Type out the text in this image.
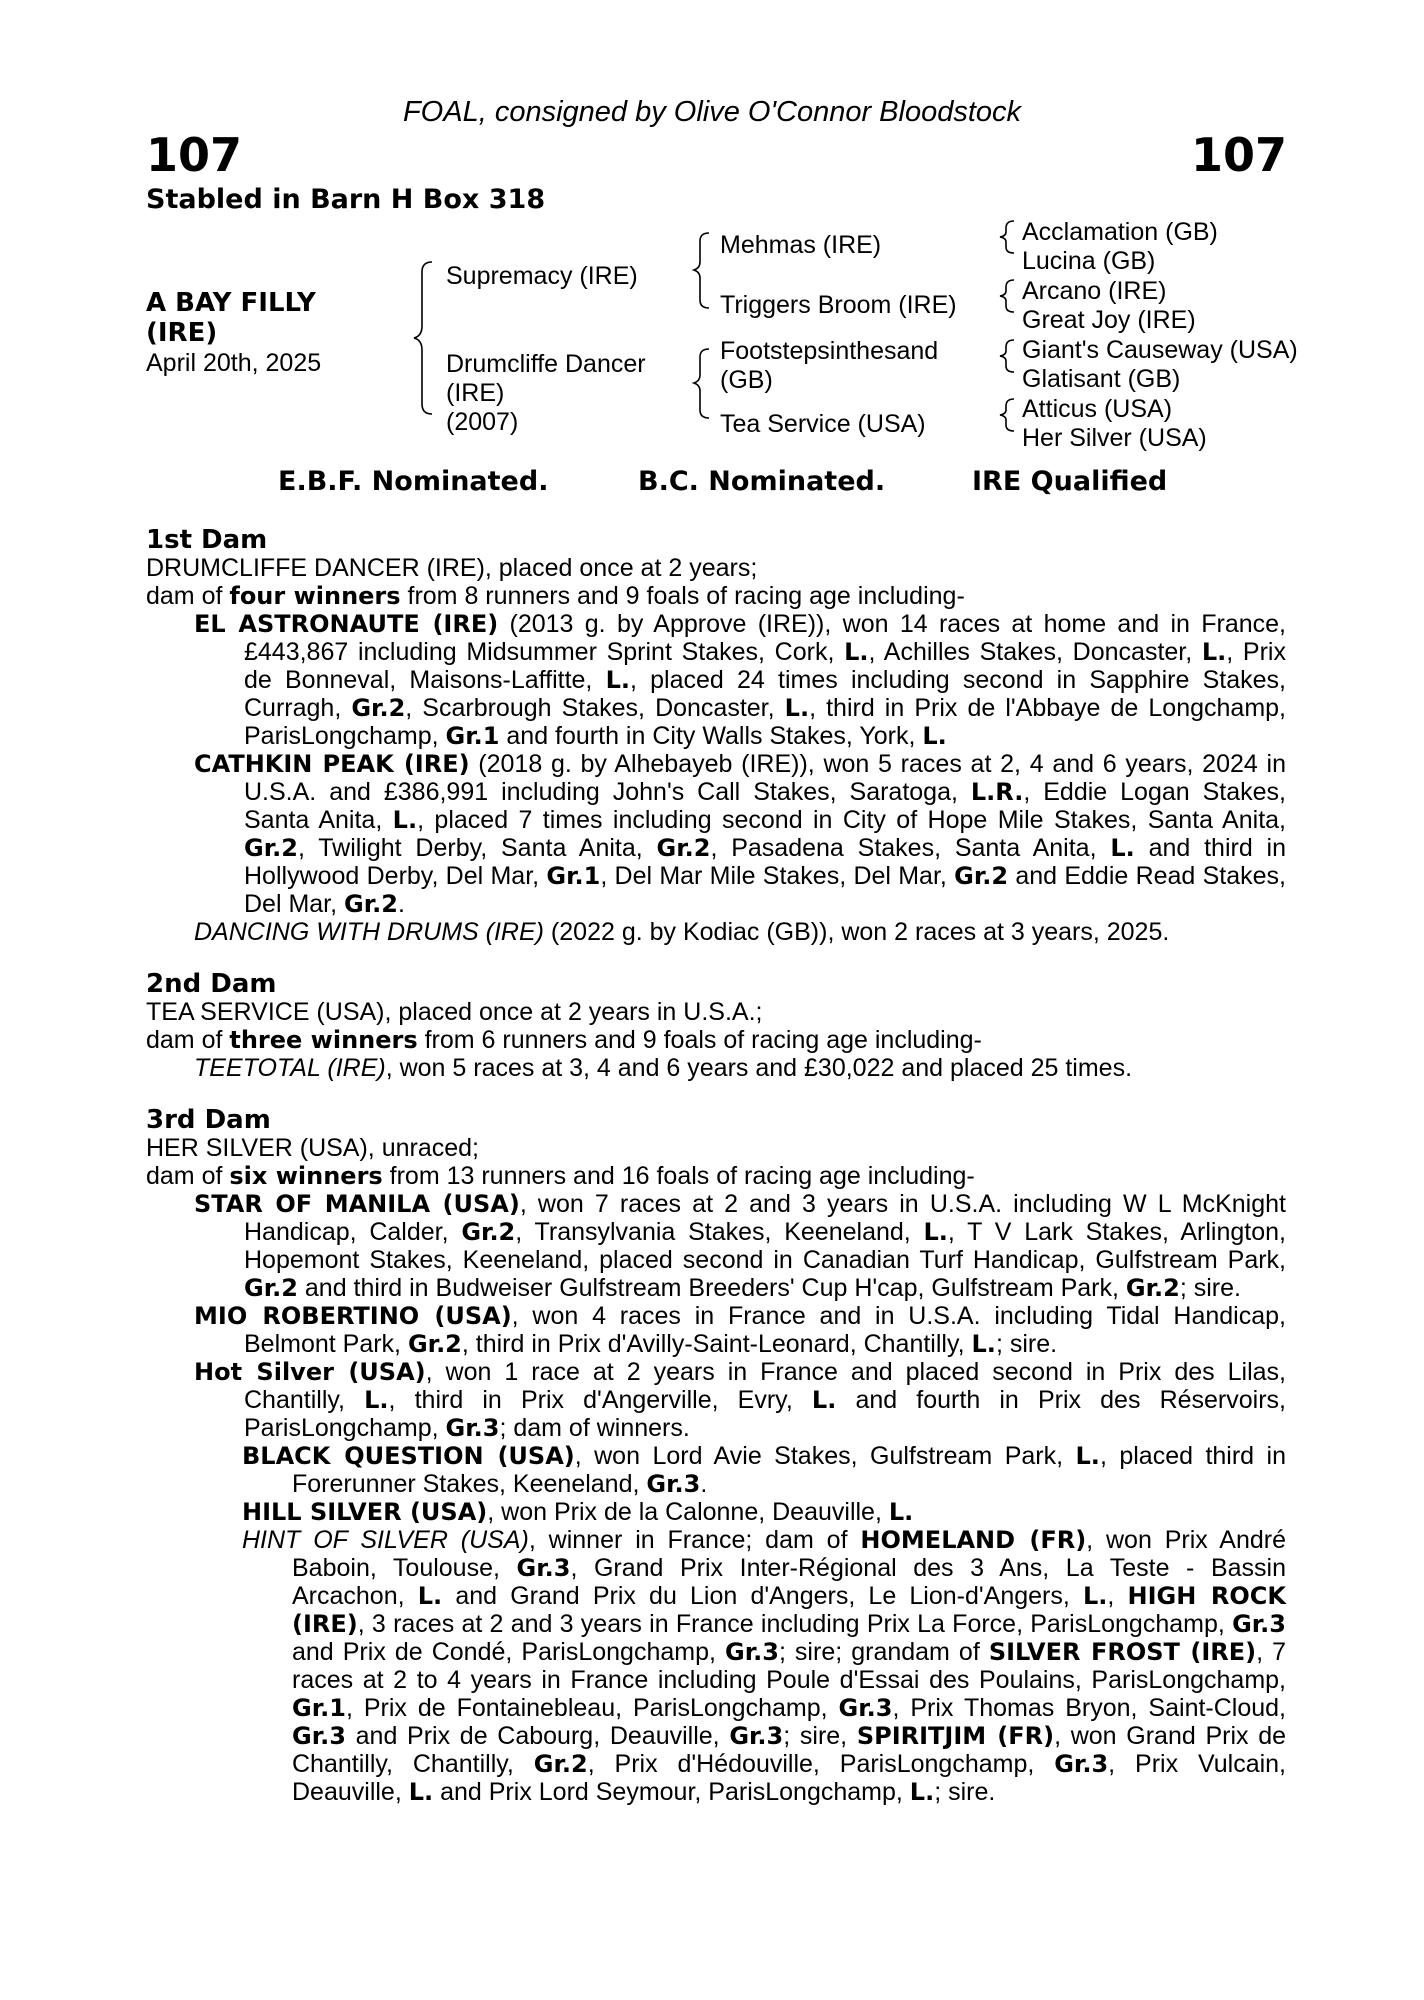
FOAL, consigned by Olive O'Connor Bloodstock
107	107
Stabled in Barn H Box 318
A BAY FILLY
(IRE)
April 20th, 2025
Supremacy (IRE)
Drumcliffe Dancer
(IRE)
(2007)
Mehmas (IRE)
Triggers Broom (IRE)
Footstepsinthesand
(GB)
Tea Service (USA)
Acclamation (GB)
Lucina (GB)
Arcano (IRE)
Great Joy (IRE)
Giant's Causeway (USA)
Glatisant (GB)
Atticus (USA)
Her Silver (USA)
E.B.F. Nominated.	B.C. Nominated.	IRE Qualified
1st Dam
DRUMCLIFFE DANCER (IRE), placed once at 2 years;
dam of four winners from 8 runners and 9 foals of racing age including-
EL ASTRONAUTE (IRE) (2013 g. by Approve (IRE)), won 14 races at home and in France, £443,867 including Midsummer Sprint Stakes, Cork, L., Achilles Stakes, Doncaster, L., Prix de Bonneval, Maisons-Laffitte, L., placed 24 times including second in Sapphire Stakes, Curragh, Gr.2, Scarbrough Stakes, Doncaster, L., third in Prix de l'Abbaye de Longchamp, ParisLongchamp, Gr.1 and fourth in City Walls Stakes, York, L.
CATHKIN PEAK (IRE) (2018 g. by Alhebayeb (IRE)), won 5 races at 2, 4 and 6 years, 2024 in U.S.A. and £386,991 including John's Call Stakes, Saratoga, L.R., Eddie Logan Stakes, Santa Anita, L., placed 7 times including second in City of Hope Mile Stakes, Santa Anita, Gr.2, Twilight Derby, Santa Anita, Gr.2, Pasadena Stakes, Santa Anita, L. and third in Hollywood Derby, Del Mar, Gr.1, Del Mar Mile Stakes, Del Mar, Gr.2 and Eddie Read Stakes, Del Mar, Gr.2.
DANCING WITH DRUMS (IRE) (2022 g. by Kodiac (GB)), won 2 races at 3 years, 2025.
2nd Dam
TEA SERVICE (USA), placed once at 2 years in U.S.A.;
dam of three winners from 6 runners and 9 foals of racing age including-
TEETOTAL (IRE), won 5 races at 3, 4 and 6 years and £30,022 and placed 25 times.
3rd Dam
HER SILVER (USA), unraced;
dam of six winners from 13 runners and 16 foals of racing age including-
STAR OF MANILA (USA), won 7 races at 2 and 3 years in U.S.A. including W L McKnight Handicap, Calder, Gr.2, Transylvania Stakes, Keeneland, L., T V Lark Stakes, Arlington, Hopemont Stakes, Keeneland, placed second in Canadian Turf Handicap, Gulfstream Park, Gr.2 and third in Budweiser Gulfstream Breeders' Cup H'cap, Gulfstream Park, Gr.2; sire.
MIO ROBERTINO (USA), won 4 races in France and in U.S.A. including Tidal Handicap, Belmont Park, Gr.2, third in Prix d'Avilly-Saint-Leonard, Chantilly, L.; sire.
Hot Silver (USA), won 1 race at 2 years in France and placed second in Prix des Lilas, Chantilly, L., third in Prix d'Angerville, Evry, L. and fourth in Prix des Réservoirs, ParisLongchamp, Gr.3; dam of winners.
BLACK QUESTION (USA), won Lord Avie Stakes, Gulfstream Park, L., placed third in Forerunner Stakes, Keeneland, Gr.3.
HILL SILVER (USA), won Prix de la Calonne, Deauville, L.
HINT OF SILVER (USA), winner in France; dam of HOMELAND (FR), won Prix André Baboin, Toulouse, Gr.3, Grand Prix Inter-Régional des 3 Ans, La Teste - Bassin Arcachon, L. and Grand Prix du Lion d'Angers, Le Lion-d'Angers, L., HIGH ROCK (IRE), 3 races at 2 and 3 years in France including Prix La Force, ParisLongchamp, Gr.3 and Prix de Condé, ParisLongchamp, Gr.3; sire; grandam of SILVER FROST (IRE), 7 races at 2 to 4 years in France including Poule d'Essai des Poulains, ParisLongchamp, Gr.1, Prix de Fontainebleau, ParisLongchamp, Gr.3, Prix Thomas Bryon, Saint-Cloud, Gr.3 and Prix de Cabourg, Deauville, Gr.3; sire, SPIRITJIM (FR), won Grand Prix de Chantilly, Chantilly, Gr.2, Prix d'Hédouville, ParisLongchamp, Gr.3, Prix Vulcain, Deauville, L. and Prix Lord Seymour, ParisLongchamp, L.; sire.
